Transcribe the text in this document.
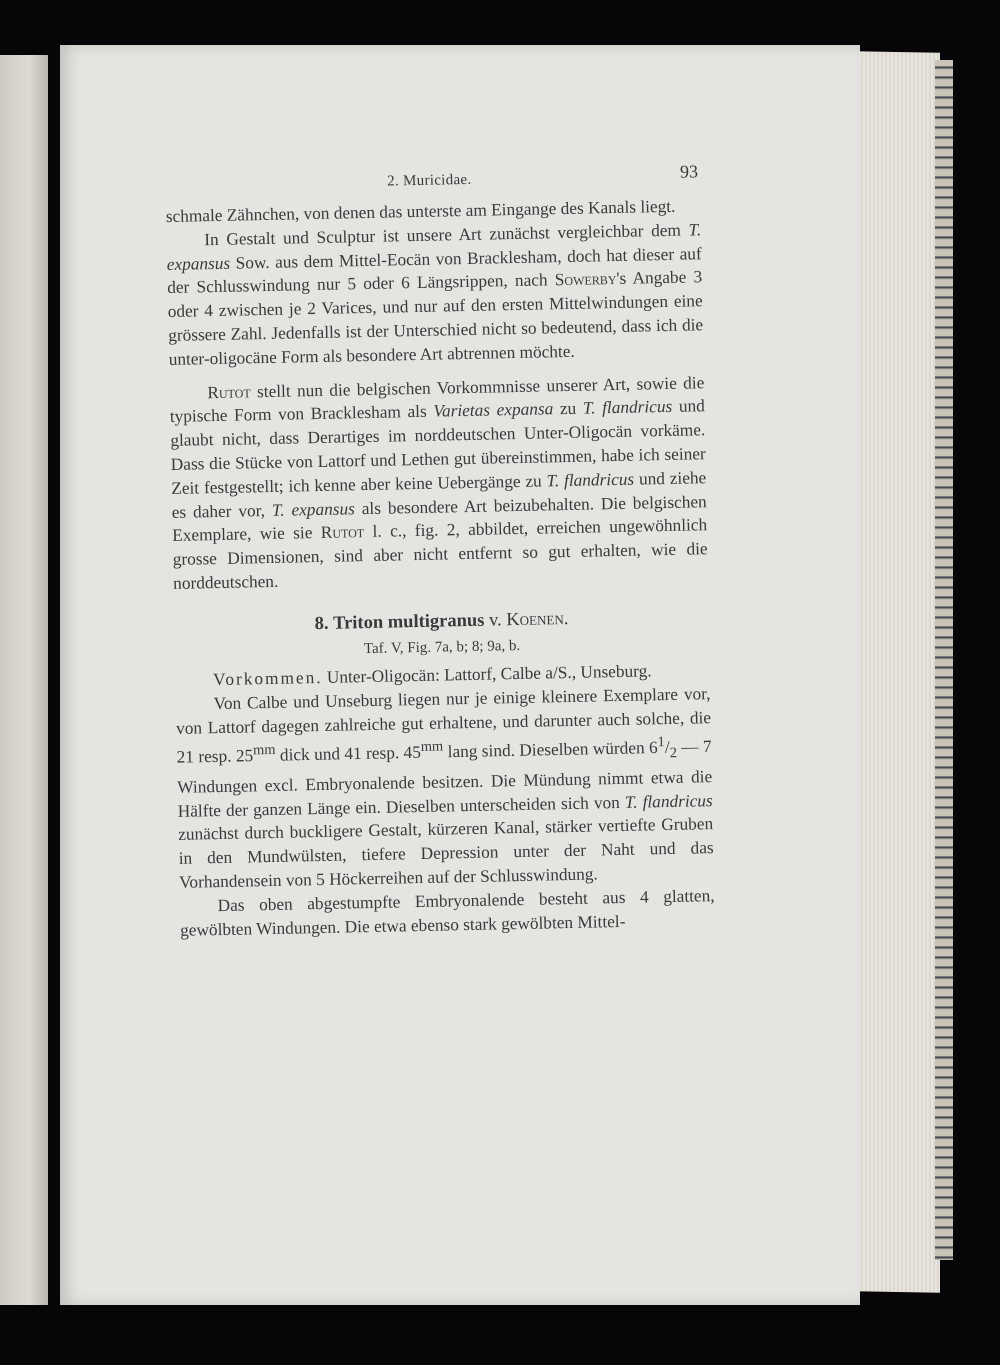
2. Muricidae.	93

schmale Zähnchen, von denen das unterste am Eingange des Kanals liegt.

In Gestalt und Sculptur ist unsere Art zunächst vergleichbar dem T. expansus Sow. aus dem Mittel-Eocän von Bracklesham, doch hat dieser auf der Schlusswindung nur 5 oder 6 Längsrippen, nach Sowerby's Angabe 3 oder 4 zwischen je 2 Varices, und nur auf den ersten Mittelwindungen eine grössere Zahl. Jedenfalls ist der Unterschied nicht so bedeutend, dass ich die unter-oligocäne Form als besondere Art abtrennen möchte.

Rutot stellt nun die belgischen Vorkommnisse unserer Art, sowie die typische Form von Bracklesham als Varietas expansa zu T. flandricus und glaubt nicht, dass Derartiges im norddeutschen Unter-Oligocän vorkäme. Dass die Stücke von Lattorf und Lethen gut übereinstimmen, habe ich seiner Zeit festgestellt; ich kenne aber keine Uebergänge zu T. flandricus und ziehe es daher vor, T. expansus als besondere Art beizubehalten. Die belgischen Exemplare, wie sie Rutot l. c., fig. 2, abbildet, erreichen ungewöhnlich grosse Dimensionen, sind aber nicht entfernt so gut erhalten, wie die norddeutschen.

8. Triton multigranus v. Koenen.
Taf. V, Fig. 7a, b; 8; 9a, b.

Vorkommen. Unter-Oligocän: Lattorf, Calbe a/S., Unseburg.

Von Calbe und Unseburg liegen nur je einige kleinere Exemplare vor, von Lattorf dagegen zahlreiche gut erhaltene, und darunter auch solche, die 21 resp. $25^{mm}$ dick und 41 resp. $45^{mm}$ lang sind. Dieselben würden $6^1/_2$ — 7 Windungen excl. Embryonalende besitzen. Die Mündung nimmt etwa die Hälfte der ganzen Länge ein. Dieselben unterscheiden sich von T. flandricus zunächst durch buckligere Gestalt, kürzeren Kanal, stärker vertiefte Gruben in den Mundwülsten, tiefere Depression unter der Naht und das Vorhandensein von 5 Höckerreihen auf der Schlusswindung.

Das oben abgestumpfte Embryonalende besteht aus 4 glatten, gewölbten Windungen. Die etwa ebenso stark gewölbten Mittel-
